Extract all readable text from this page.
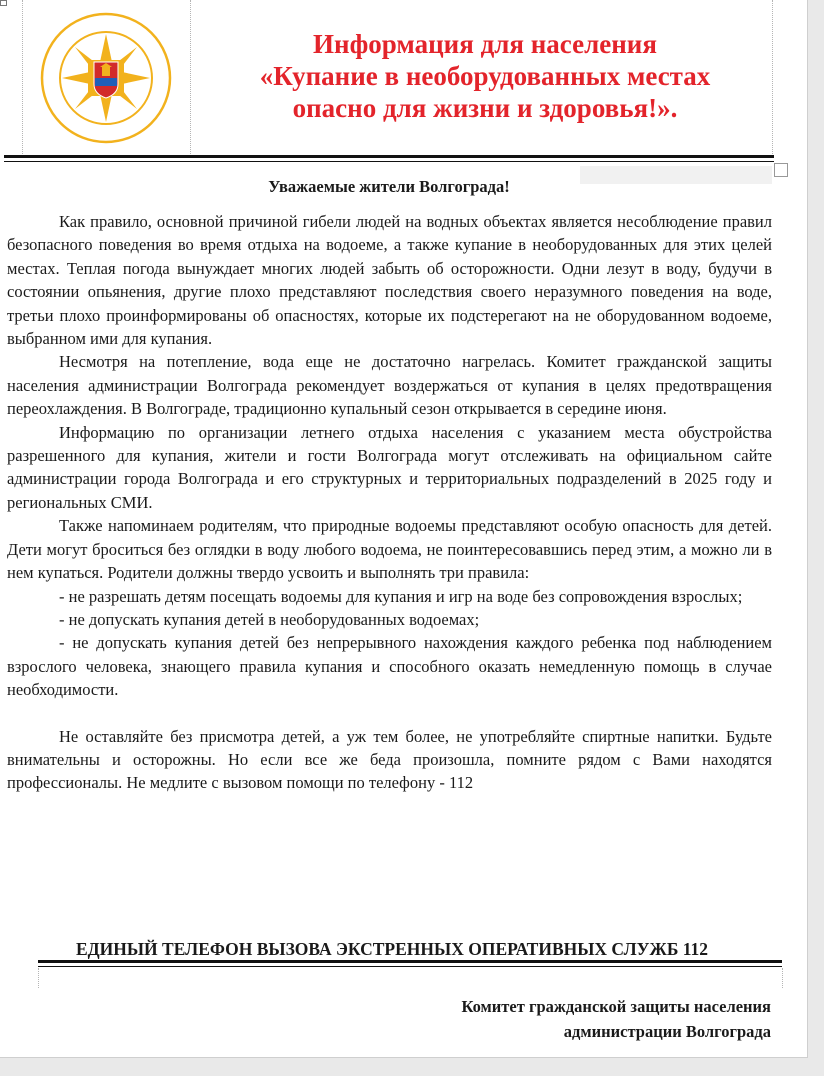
Информация для населения
«Купание в необорудованных местах
опасно для жизни и здоровья!».
Уважаемые жители Волгограда!

Как правило, основной причиной гибели людей на водных объектах является несоблюдение правил безопасного поведения во время отдыха на водоеме, а также купание в необорудованных для этих целей местах. Теплая погода вынуждает многих людей забыть об осторожности. Одни лезут в воду, будучи в состоянии опьянения, другие плохо представляют последствия своего неразумного поведения на воде, третьи плохо проинформированы об опасностях, которые их подстерегают на не оборудованном водоеме, выбранном ими для купания.

Несмотря на потепление, вода еще не достаточно нагрелась. Комитет гражданской защиты населения администрации Волгограда рекомендует воздержаться от купания в целях предотвращения переохлаждения. В Волгограде, традиционно купальный сезон открывается в середине июня.

Информацию по организации летнего отдыха населения с указанием места обустройства разрешенного для купания, жители и гости Волгограда могут отслеживать на официальном сайте администрации города Волгограда и его структурных и территориальных подразделений в 2025 году и региональных СМИ.

Также напоминаем родителям, что природные водоемы представляют особую опасность для детей. Дети могут броситься без оглядки в воду любого водоема, не поинтересовавшись перед этим, а можно ли в нем купаться. Родители должны твердо усвоить и выполнять три правила:

- не разрешать детям посещать водоемы для купания и игр на воде без сопровождения взрослых;

- не допускать купания детей в необорудованных водоемах;

- не допускать купания детей без непрерывного нахождения каждого ребенка под наблюдением взрослого человека, знающего правила купания и способного оказать немедленную помощь в случае необходимости.

Не оставляйте без присмотра детей, а уж тем более, не употребляйте спиртные напитки. Будьте внимательны и осторожны. Но если все же беда произошла, помните рядом с Вами находятся профессионалы. Не медлите с вызовом помощи по телефону - 112

ЕДИНЫЙ ТЕЛЕФОН ВЫЗОВА ЭКСТРЕННЫХ ОПЕРАТИВНЫХ СЛУЖБ 112
Комитет гражданской защиты населения
администрации Волгограда
